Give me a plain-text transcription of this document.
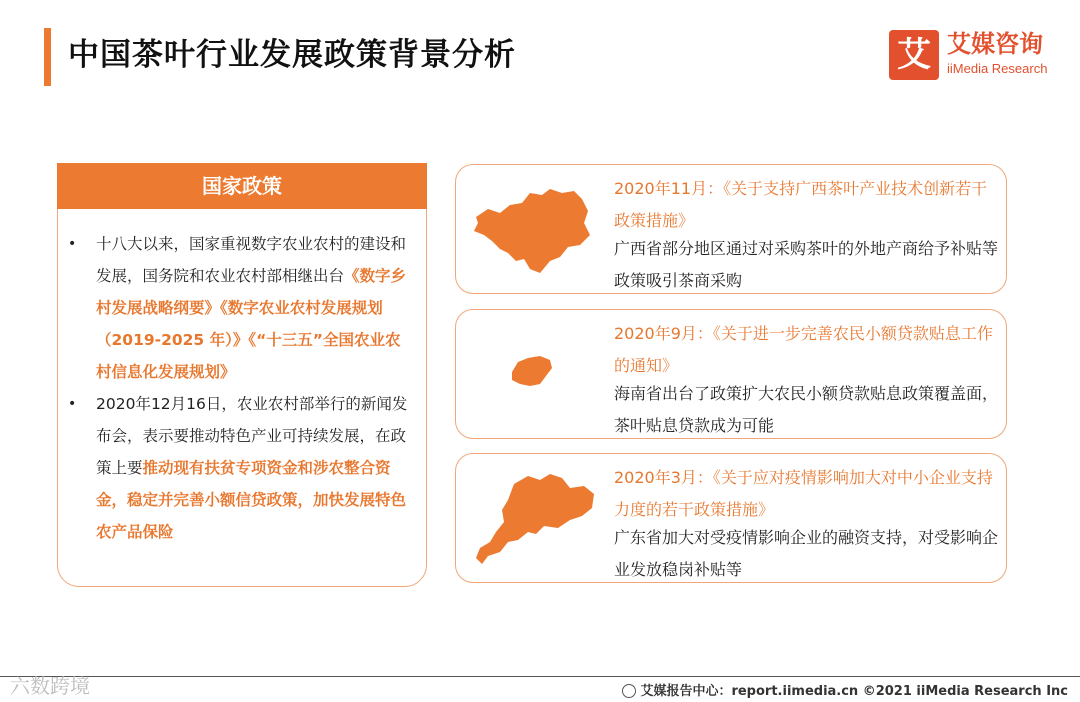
中国茶叶行业发展政策背景分析	艾 艾媒咨询
iiMedia Research
国家政策
• 十八大以来，国家重视数字农业农村的建设和发展，国务院和农业农村部相继出台《数字乡村发展战略纲要》《数字农业农村发展规划 （2019-2025 年）》《“十三五”全国农业农村信息化发展规划》
• 2020年12月16日，农业农村部举行的新闻发布会，表示要推动特色产业可持续发展，在政策上要推动现有扶贫专项资金和涉农整合资金，稳定并完善小额信贷政策，加快发展特色农产品保险
2020年11月：《关于支持广西茶叶产业技术创新若干政策措施》
广西省部分地区通过对采购茶叶的外地产商给予补贴等政策吸引茶商采购
2020年9月：《关于进一步完善农民小额贷款贴息工作的通知》
海南省出台了政策扩大农民小额贷款贴息政策覆盖面，茶叶贴息贷款成为可能
2020年3月：《关于应对疫情影响加大对中小企业支持力度的若干政策措施》
广东省加大对受疫情影响企业的融资支持，对受影响企业发放稳岗补贴等
六数跨境	艾媒报告中心：report.iimedia.cn ©2021 iiMedia Research Inc
